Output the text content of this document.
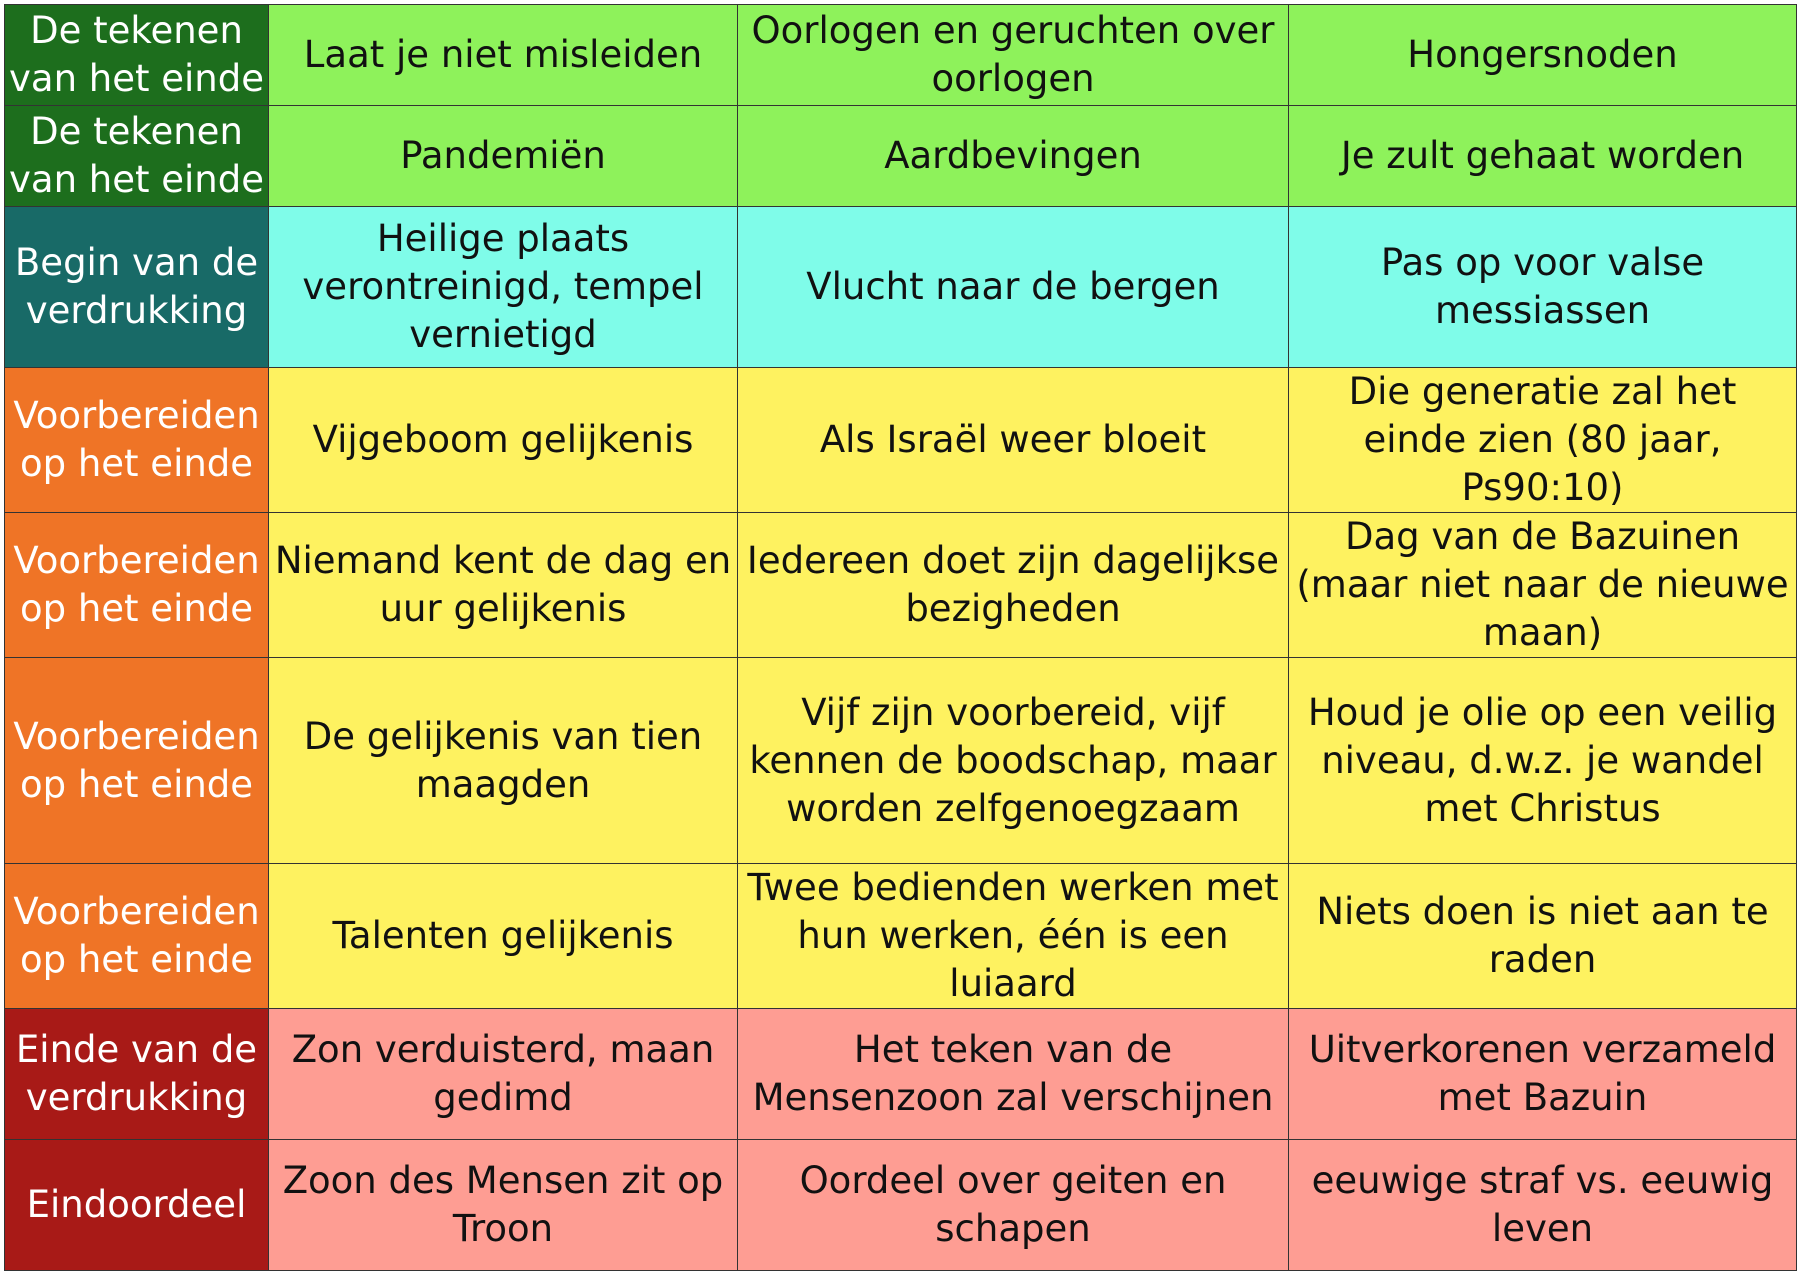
De tekenen van het einde	Laat je niet misleiden	Oorlogen en geruchten over oorlogen	Hongersnoden
De tekenen van het einde	Pandemiën	Aardbevingen	Je zult gehaat worden
Begin van de verdrukking	Heilige plaats verontreinigd, tempel vernietigd	Vlucht naar de bergen	Pas op voor valse messiassen
Voorbereiden op het einde	Vijgeboom gelijkenis	Als Israël weer bloeit	Die generatie zal het einde zien (80 jaar, Ps90:10)
Voorbereiden op het einde	Niemand kent de dag en uur gelijkenis	Iedereen doet zijn dagelijkse bezigheden	Dag van de Bazuinen (maar niet naar de nieuwe maan)
Voorbereiden op het einde	De gelijkenis van tien maagden	Vijf zijn voorbereid, vijf kennen de boodschap, maar worden zelfgenoegzaam	Houd je olie op een veilig niveau, d.w.z. je wandel met Christus
Voorbereiden op het einde	Talenten gelijkenis	Twee bedienden werken met hun werken, één is een luiaard	Niets doen is niet aan te raden
Einde van de verdrukking	Zon verduisterd, maan gedimd	Het teken van de Mensenzoon zal verschijnen	Uitverkorenen verzameld met Bazuin
Eindoordeel	Zoon des Mensen zit op Troon	Oordeel over geiten en schapen	eeuwige straf vs. eeuwig leven
